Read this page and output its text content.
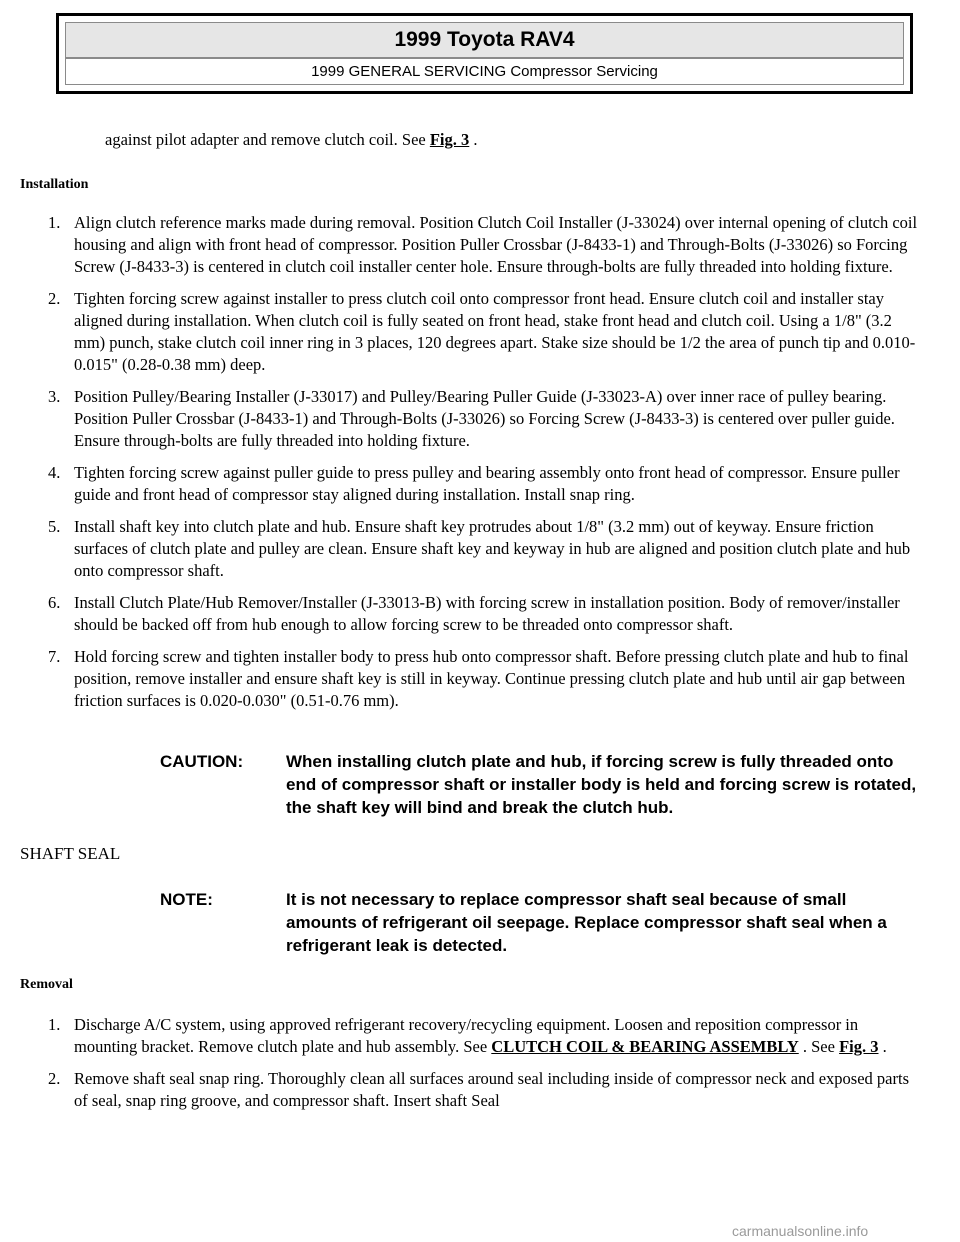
1999 Toyota RAV4
1999 GENERAL SERVICING Compressor Servicing
against pilot adapter and remove clutch coil. See Fig. 3 .
Installation
1. Align clutch reference marks made during removal. Position Clutch Coil Installer (J-33024) over internal opening of clutch coil housing and align with front head of compressor. Position Puller Crossbar (J-8433-1) and Through-Bolts (J-33026) so Forcing Screw (J-8433-3) is centered in clutch coil installer center hole. Ensure through-bolts are fully threaded into holding fixture.
2. Tighten forcing screw against installer to press clutch coil onto compressor front head. Ensure clutch coil and installer stay aligned during installation. When clutch coil is fully seated on front head, stake front head and clutch coil. Using a 1/8" (3.2 mm) punch, stake clutch coil inner ring in 3 places, 120 degrees apart. Stake size should be 1/2 the area of punch tip and 0.010-0.015" (0.28-0.38 mm) deep.
3. Position Pulley/Bearing Installer (J-33017) and Pulley/Bearing Puller Guide (J-33023-A) over inner race of pulley bearing. Position Puller Crossbar (J-8433-1) and Through-Bolts (J-33026) so Forcing Screw (J-8433-3) is centered over puller guide. Ensure through-bolts are fully threaded into holding fixture.
4. Tighten forcing screw against puller guide to press pulley and bearing assembly onto front head of compressor. Ensure puller guide and front head of compressor stay aligned during installation. Install snap ring.
5. Install shaft key into clutch plate and hub. Ensure shaft key protrudes about 1/8" (3.2 mm) out of keyway. Ensure friction surfaces of clutch plate and pulley are clean. Ensure shaft key and keyway in hub are aligned and position clutch plate and hub onto compressor shaft.
6. Install Clutch Plate/Hub Remover/Installer (J-33013-B) with forcing screw in installation position. Body of remover/installer should be backed off from hub enough to allow forcing screw to be threaded onto compressor shaft.
7. Hold forcing screw and tighten installer body to press hub onto compressor shaft. Before pressing clutch plate and hub to final position, remove installer and ensure shaft key is still in keyway. Continue pressing clutch plate and hub until air gap between friction surfaces is 0.020-0.030" (0.51-0.76 mm).
CAUTION:	When installing clutch plate and hub, if forcing screw is fully threaded onto end of compressor shaft or installer body is held and forcing screw is rotated, the shaft key will bind and break the clutch hub.
SHAFT SEAL
NOTE:	It is not necessary to replace compressor shaft seal because of small amounts of refrigerant oil seepage. Replace compressor shaft seal when a refrigerant leak is detected.
Removal
1. Discharge A/C system, using approved refrigerant recovery/recycling equipment. Loosen and reposition compressor in mounting bracket. Remove clutch plate and hub assembly. See CLUTCH COIL & BEARING ASSEMBLY . See Fig. 3 .
2. Remove shaft seal snap ring. Thoroughly clean all surfaces around seal including inside of compressor neck and exposed parts of seal, snap ring groove, and compressor shaft. Insert shaft Seal
carmanualsonline.info
